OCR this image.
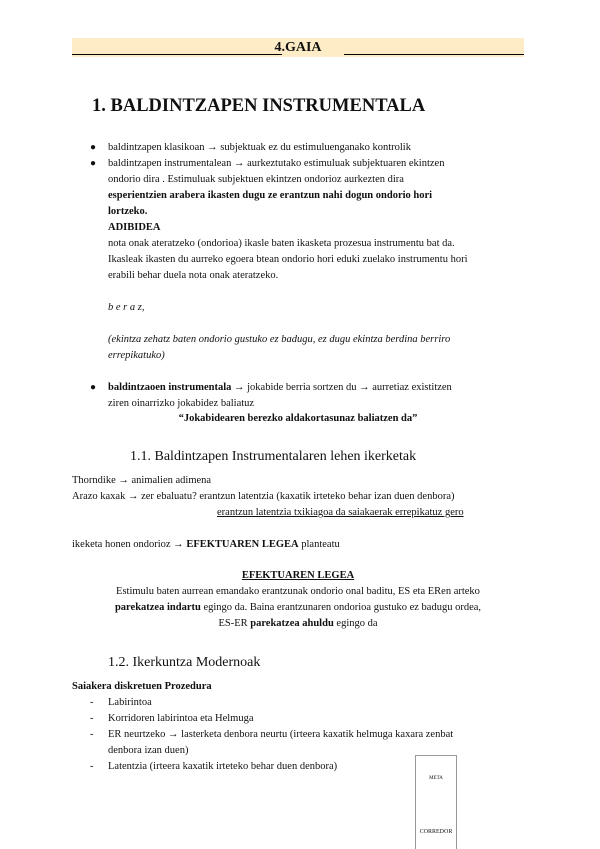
4.GAIA
1. BALDINTZAPEN INSTRUMENTALA
● baldintzapen klasikoan → subjektuak ez du estimuluenganako kontrolik
● baldintzapen instrumentalean → aurkeztutako estimuluak subjektuaren ekintzen
ondorio dira . Estimuluak subjektuen ekintzen ondorioz aurkezten dira
esperientzien arabera ikasten dugu ze erantzun nahi dogun ondorio hori
lortzeko.
ADIBIDEA
nota onak ateratzeko (ondorioa) ikasle baten ikasketa prozesua instrumentu bat da.
Ikasleak ikasten du aurreko egoera btean ondorio hori eduki zuelako instrumentu hori
erabili behar duela nota onak ateratzeko.
b e r a z,
(ekintza zehatz baten ondorio gustuko ez badugu, ez dugu ekintza berdina berriro
errepikatuko)
● baldintzaoen instrumentala → jokabide berria sortzen du → aurretiaz existitzen
ziren oinarrizko jokabidez baliatuz
“Jokabidearen berezko aldakortasunaz baliatzen da”
1.1. Baldintzapen Instrumentalaren lehen ikerketak
Thorndike → animalien adimena
Arazo kaxak → zer ebaluatu? erantzun latentzia (kaxatik irteteko behar izan duen denbora)
erantzun latentzia txikiagoa da saiakaerak errepikatuz gero
ikeketa honen ondorioz → EFEKTUAREN LEGEA planteatu
EFEKTUAREN LEGEA
Estimulu baten aurrean emandako erantzunak ondorio onal baditu, ES eta ERen arteko
parekatzea indartu egingo da. Baina erantzunaren ondorioa gustuko ez badugu ordea,
ES-ER parekatzea ahuldu egingo da
1.2. Ikerkuntza Modernoak
Saiakera diskretuen Prozedura
- Labirintoa
- Korridoren labirintoa eta Helmuga
- ER neurtzeko → lasterketa denbora neurtu (irteera kaxatik helmuga kaxara zenbat
denbora izan duen)
- Latentzia (irteera kaxatik irteteko behar duen denbora)
META
CORREDOR
